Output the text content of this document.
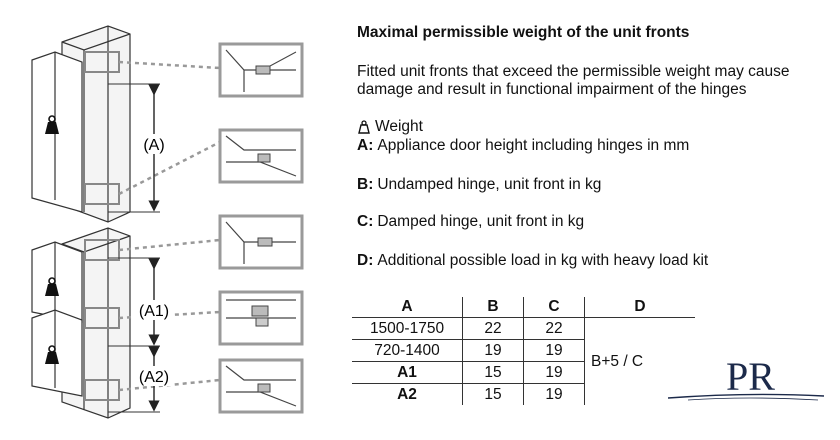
(A)
(A1)
(A2)
Maximal permissible weight of the unit fronts
Fitted unit fronts that exceed the permissible weight may cause damage and result in functional impairment of the hinges
Weight
A: Appliance door height including hinges in mm
B: Undamped hinge, unit front in kg
C: Damped hinge, unit front in kg
D: Additional possible load in kg with heavy load kit
A	B	C	D
1500-1750	22	22	B+5 / C
720-1400	19	19	
A1	15	19	
A2	15	19		PR
